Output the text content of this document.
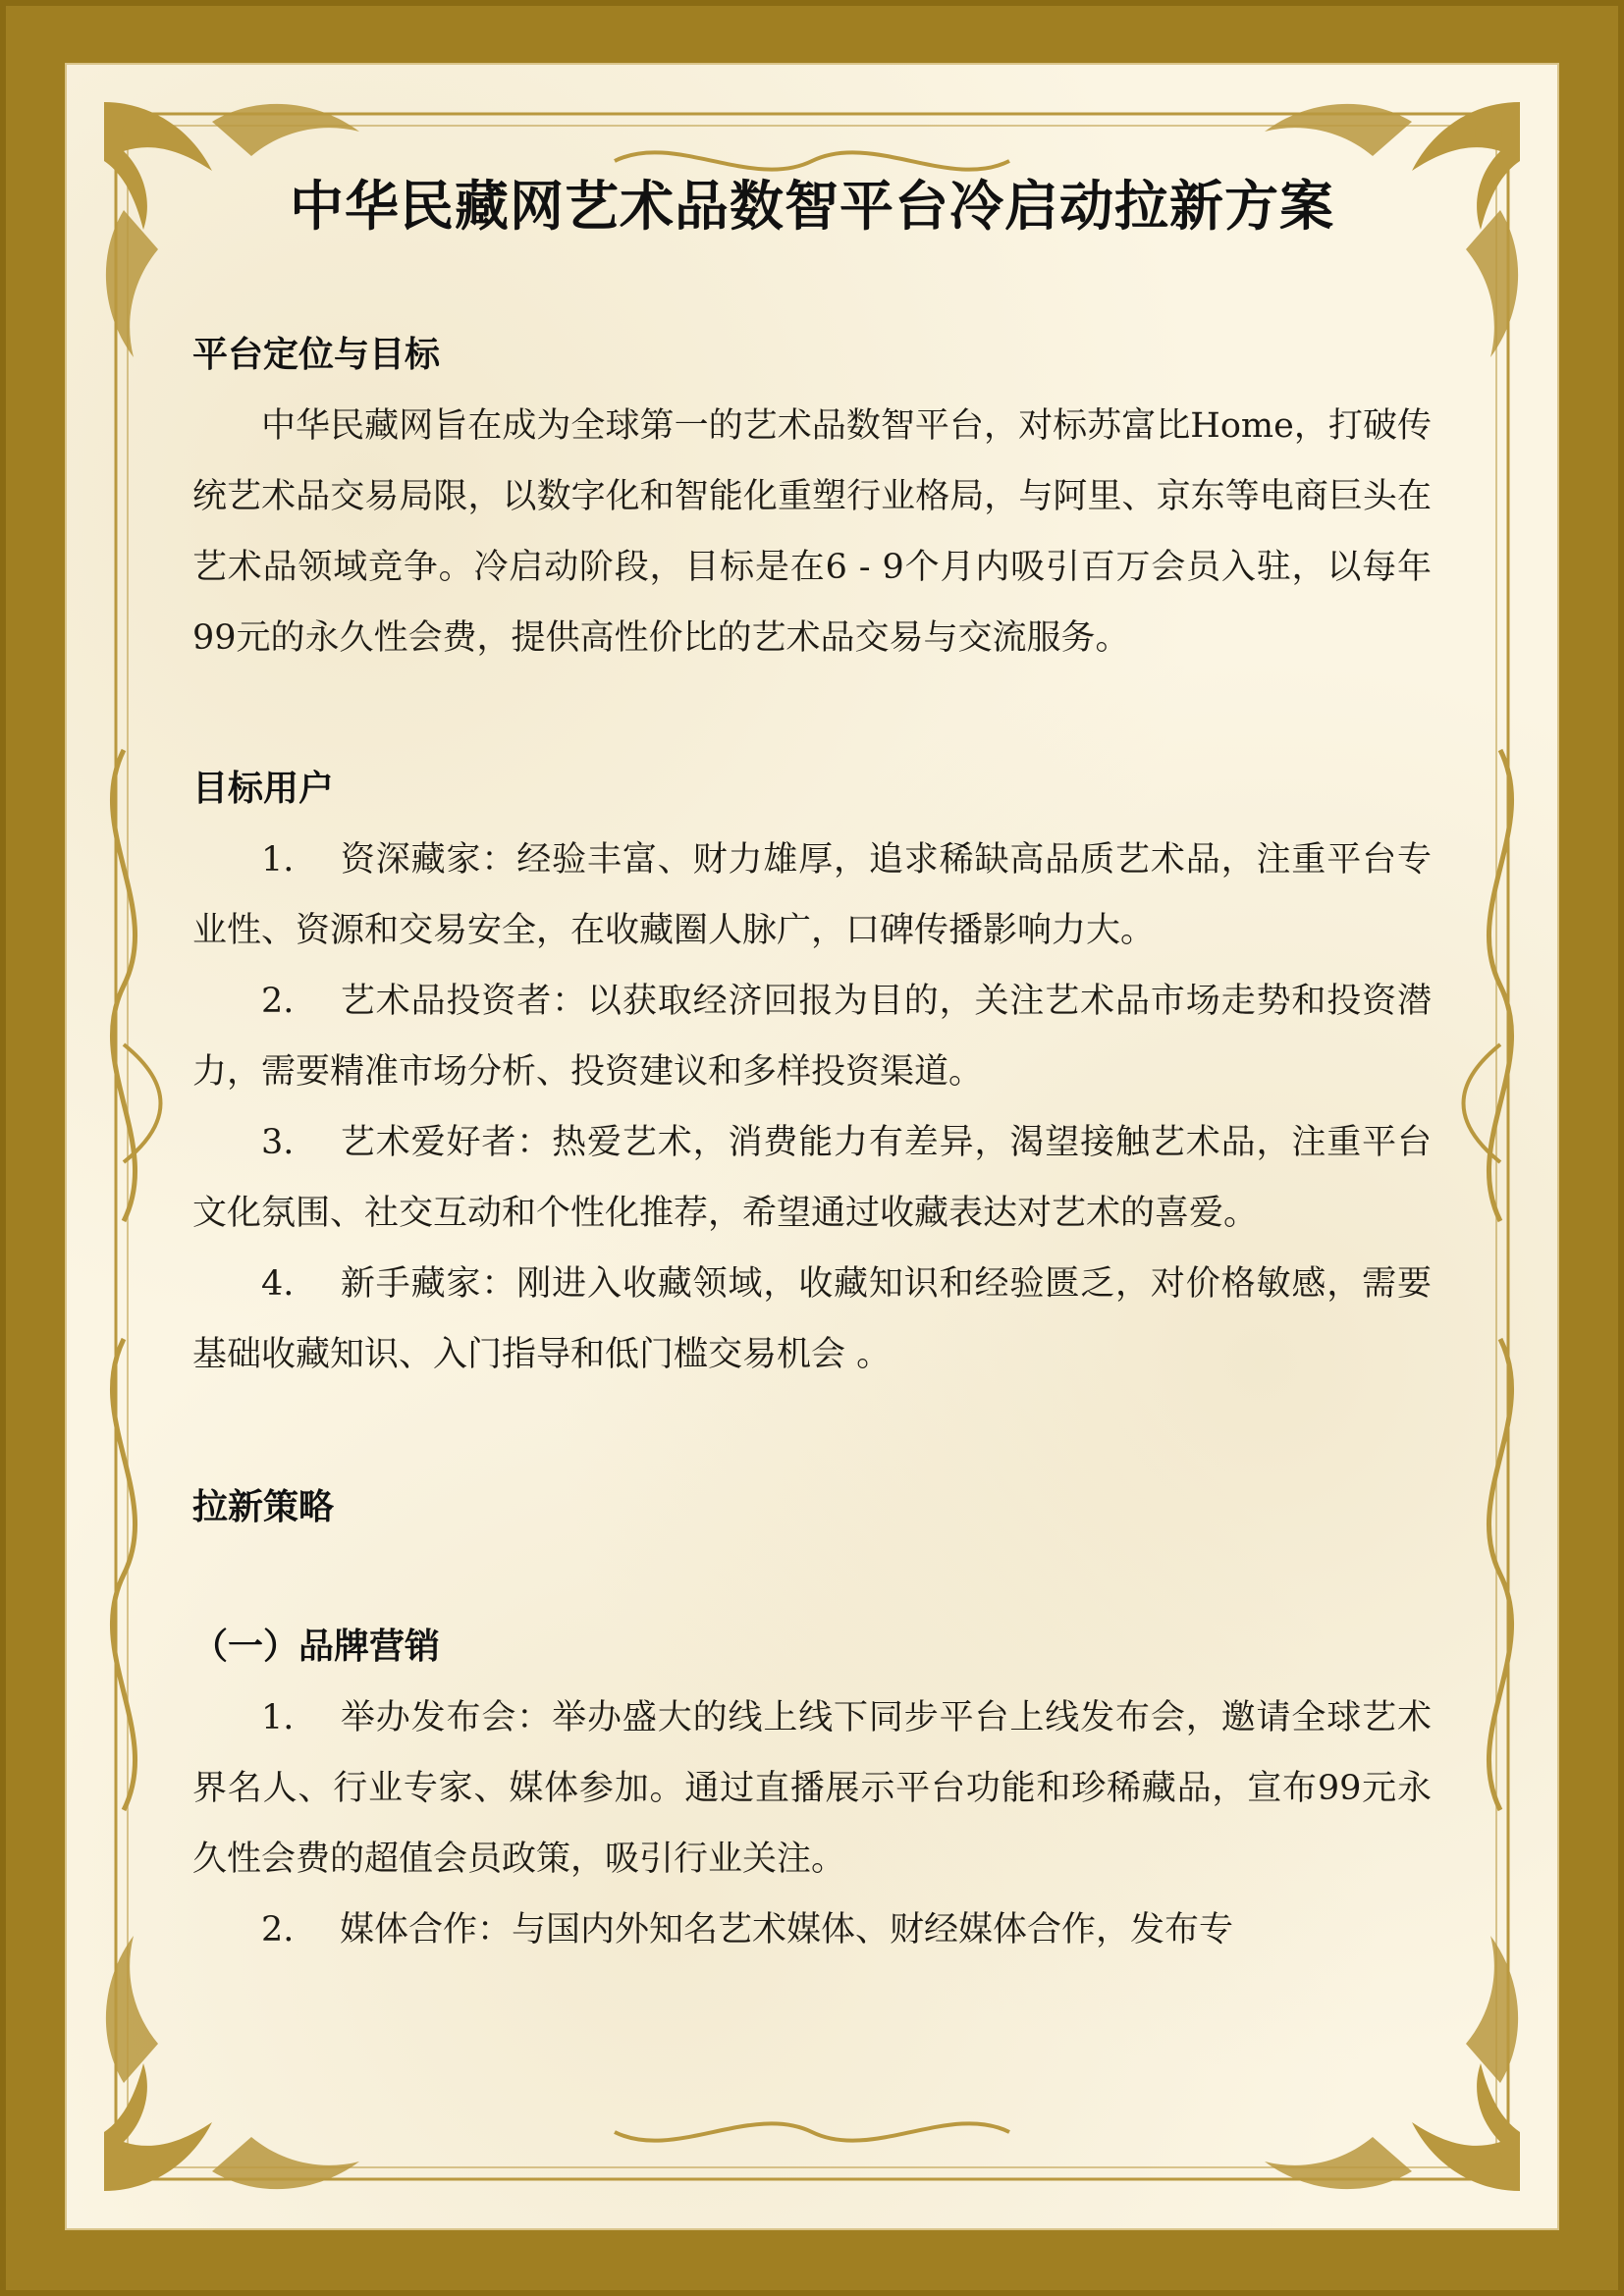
中华民藏网艺术品数智平台冷启动拉新方案
平台定位与目标

中华民藏网旨在成为全球第一的艺术品数智平台，对标苏富比Home，打破传统艺术品交易局限，以数字化和智能化重塑行业格局，与阿里、京东等电商巨头在艺术品领域竞争。冷启动阶段，目标是在6 - 9个月内吸引百万会员入驻，以每年99元的永久性会费，提供高性价比的艺术品交易与交流服务。

目标用户

1. 资深藏家：经验丰富、财力雄厚，追求稀缺高品质艺术品，注重平台专业性、资源和交易安全，在收藏圈人脉广，口碑传播影响力大。

2. 艺术品投资者：以获取经济回报为目的，关注艺术品市场走势和投资潜力，需要精准市场分析、投资建议和多样投资渠道。

3. 艺术爱好者：热爱艺术，消费能力有差异，渴望接触艺术品，注重平台文化氛围、社交互动和个性化推荐，希望通过收藏表达对艺术的喜爱。

4. 新手藏家：刚进入收藏领域，收藏知识和经验匮乏，对价格敏感，需要基础收藏知识、入门指导和低门槛交易机会 。

拉新策略
（一）品牌营销

1. 举办发布会：举办盛大的线上线下同步平台上线发布会，邀请全球艺术界名人、行业专家、媒体参加。通过直播展示平台功能和珍稀藏品，宣布99元永久性会费的超值会员政策，吸引行业关注。

2. 媒体合作：与国内外知名艺术媒体、财经媒体合作，发布专
